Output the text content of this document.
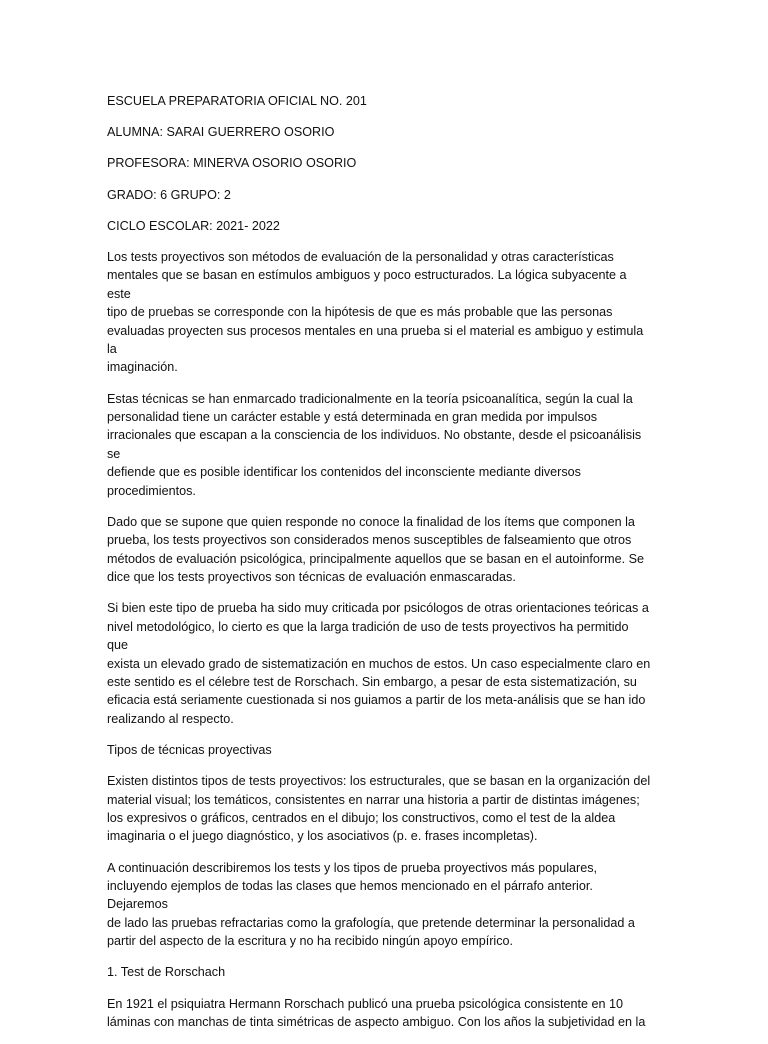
ESCUELA PREPARATORIA OFICIAL NO. 201
ALUMNA: SARAI GUERRERO OSORIO
PROFESORA: MINERVA OSORIO OSORIO
GRADO: 6 GRUPO: 2
CICLO ESCOLAR: 2021- 2022

Los tests proyectivos son métodos de evaluación de la personalidad y otras características
mentales que se basan en estímulos ambiguos y poco estructurados. La lógica subyacente a este
tipo de pruebas se corresponde con la hipótesis de que es más probable que las personas
evaluadas proyecten sus procesos mentales en una prueba si el material es ambiguo y estimula la
imaginación.

Estas técnicas se han enmarcado tradicionalmente en la teoría psicoanalítica, según la cual la
personalidad tiene un carácter estable y está determinada en gran medida por impulsos
irracionales que escapan a la consciencia de los individuos. No obstante, desde el psicoanálisis se
defiende que es posible identificar los contenidos del inconsciente mediante diversos
procedimientos.

Dado que se supone que quien responde no conoce la finalidad de los ítems que componen la
prueba, los tests proyectivos son considerados menos susceptibles de falseamiento que otros
métodos de evaluación psicológica, principalmente aquellos que se basan en el autoinforme. Se
dice que los tests proyectivos son técnicas de evaluación enmascaradas.

Si bien este tipo de prueba ha sido muy criticada por psicólogos de otras orientaciones teóricas a
nivel metodológico, lo cierto es que la larga tradición de uso de tests proyectivos ha permitido que
exista un elevado grado de sistematización en muchos de estos. Un caso especialmente claro en
este sentido es el célebre test de Rorschach. Sin embargo, a pesar de esta sistematización, su
eficacia está seriamente cuestionada si nos guiamos a partir de los meta-análisis que se han ido
realizando al respecto.

Tipos de técnicas proyectivas

Existen distintos tipos de tests proyectivos: los estructurales, que se basan en la organización del
material visual; los temáticos, consistentes en narrar una historia a partir de distintas imágenes;
los expresivos o gráficos, centrados en el dibujo; los constructivos, como el test de la aldea
imaginaria o el juego diagnóstico, y los asociativos (p. e. frases incompletas).

A continuación describiremos los tests y los tipos de prueba proyectivos más populares,
incluyendo ejemplos de todas las clases que hemos mencionado en el párrafo anterior. Dejaremos
de lado las pruebas refractarias como la grafología, que pretende determinar la personalidad a
partir del aspecto de la escritura y no ha recibido ningún apoyo empírico.

1. Test de Rorschach

En 1921 el psiquiatra Hermann Rorschach publicó una prueba psicológica consistente en 10
láminas con manchas de tinta simétricas de aspecto ambiguo. Con los años la subjetividad en la
